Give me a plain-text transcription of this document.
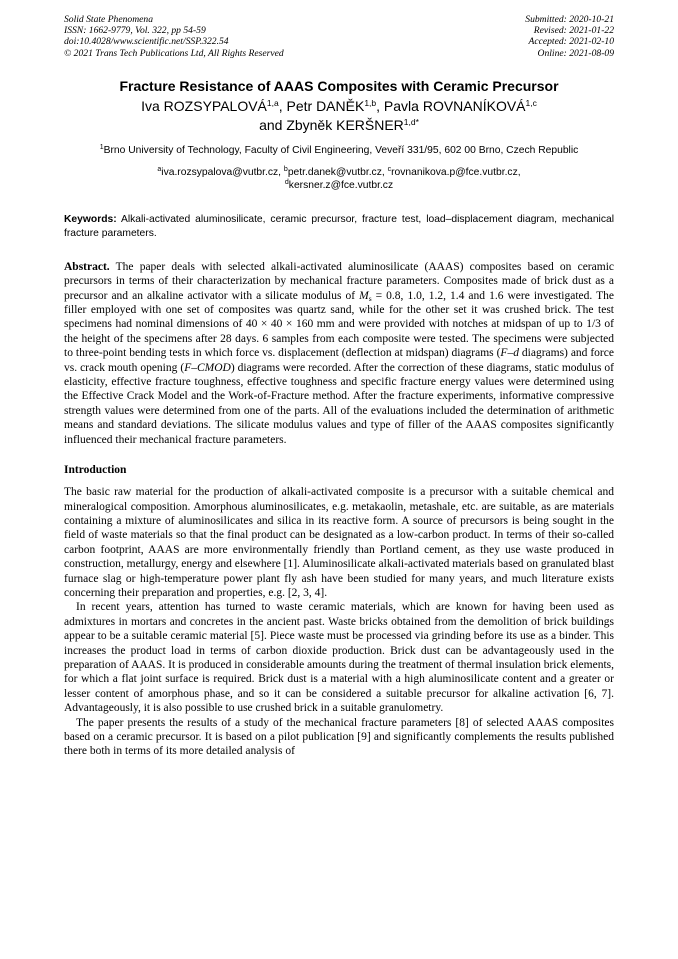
Solid State Phenomena
ISSN: 1662-9779, Vol. 322, pp 54-59
doi:10.4028/www.scientific.net/SSP.322.54
© 2021 Trans Tech Publications Ltd, All Rights Reserved
Submitted: 2020-10-21
Revised: 2021-01-22
Accepted: 2021-02-10
Online: 2021-08-09
Fracture Resistance of AAAS Composites with Ceramic Precursor
Iva ROZSYPALOVÁ$^{1,a}$, Petr DANĚK$^{1,b}$, Pavla ROVNANÍKOVÁ$^{1,c}$
and Zbyněk $KERŠNER^{1,d*}$
$^1$Brno University of Technology, Faculty of Civil Engineering, Veveří 331/95, 602 00 Brno, Czech Republic
$^a$iva.rozsypalova@vutbr.cz, $^b$petr.danek@vutbr.cz, $^c$rovnanikova.p@fce.vutbr.cz,
$^d$kersner.z@fce.vutbr.cz
Keywords: Alkali-activated aluminosilicate, ceramic precursor, fracture test, load–displacement diagram, mechanical fracture parameters.
Abstract. The paper deals with selected alkali-activated aluminosilicate (AAAS) composites based on ceramic precursors in terms of their characterization by mechanical fracture parameters. Composites made of brick dust as a precursor and an alkaline activator with a silicate modulus of Ms = 0.8, 1.0, 1.2, 1.4 and 1.6 were investigated. The filler employed with one set of composites was quartz sand, while for the other set it was crushed brick. The test specimens had nominal dimensions of 40 × 40 × 160 mm and were provided with notches at midspan of up to 1/3 of the height of the specimens after 28 days. 6 samples from each composite were tested. The specimens were subjected to three-point bending tests in which force vs. displacement (deflection at midspan) diagrams (F–d diagrams) and force vs. crack mouth opening (F–CMOD) diagrams were recorded. After the correction of these diagrams, static modulus of elasticity, effective fracture toughness, effective toughness and specific fracture energy values were determined using the Effective Crack Model and the Work-of-Fracture method. After the fracture experiments, informative compressive strength values were determined from one of the parts. All of the evaluations included the determination of arithmetic means and standard deviations. The silicate modulus values and type of filler of the AAAS composites significantly influenced their mechanical fracture parameters.
Introduction

The basic raw material for the production of alkali-activated composite is a precursor with a suitable chemical and mineralogical composition. Amorphous aluminosilicates, e.g. metakaolin, metashale, etc. are suitable, as are materials containing a mixture of aluminosilicates and silica in its reactive form. A source of precursors is being sought in the field of waste materials so that the final product can be designated as a low-carbon product. In terms of their so-called carbon footprint, AAAS are more environmentally friendly than Portland cement, as they use waste produced in construction, metallurgy, energy and elsewhere [1]. Aluminosilicate alkali-activated materials based on granulated blast furnace slag or high-temperature power plant fly ash have been studied for many years, and much literature exists concerning their preparation and properties, e.g. [2, 3, 4].

In recent years, attention has turned to waste ceramic materials, which are known for having been used as admixtures in mortars and concretes in the ancient past. Waste bricks obtained from the demolition of brick buildings appear to be a suitable ceramic material [5]. Piece waste must be processed via grinding before its use as a binder. This increases the product load in terms of carbon dioxide production. Brick dust can be advantageously used in the preparation of AAAS. It is produced in considerable amounts during the treatment of thermal insulation brick elements, for which a flat joint surface is required. Brick dust is a material with a high aluminosilicate content and a greater or lesser content of amorphous phase, and so it can be considered a suitable precursor for alkaline activation [6, 7]. Advantageously, it is also possible to use crushed brick in a suitable granulometry.

The paper presents the results of a study of the mechanical fracture parameters [8] of selected AAAS composites based on a ceramic precursor. It is based on a pilot publication [9] and significantly complements the results published there both in terms of its more detailed analysis of
